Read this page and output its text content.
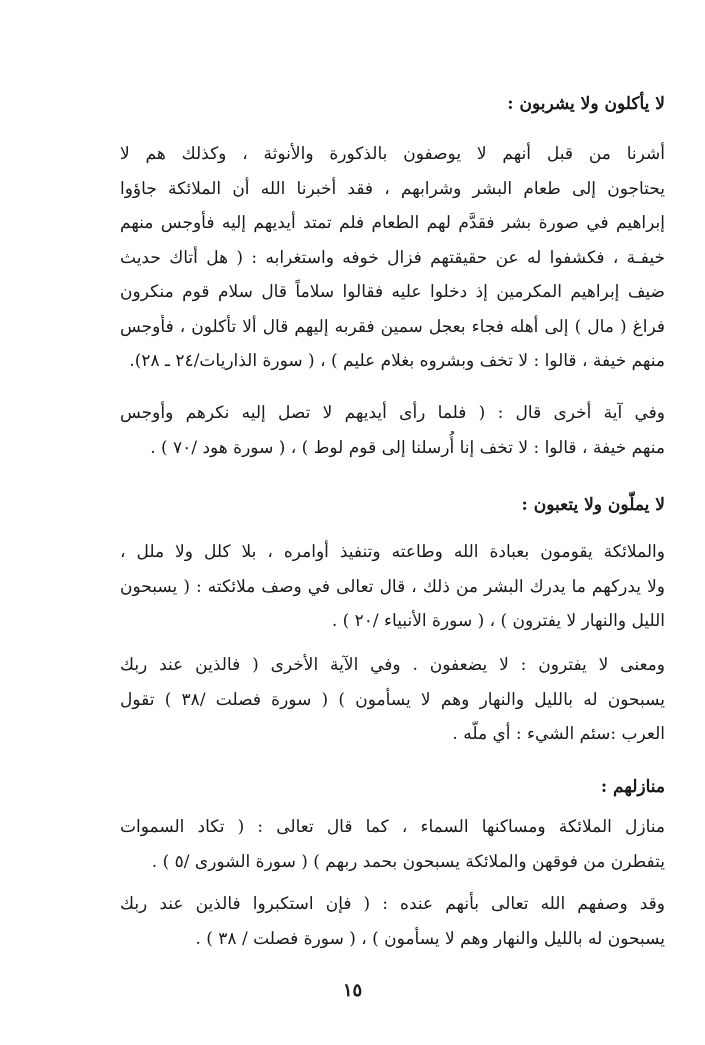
لا يأكلون ولا يشربون :
أشرنا من قبل أنهم لا يوصفون بالذكورة والأنوثة ، وكذلك هم لا
يحتاجون إلى طعام البشر وشرابهم ، فقد أخبرنا الله أن الملائكة جاؤوا
إبراهيم في صورة بشر فقدَّم لهم الطعام فلم تمتد أيديهم إليه فأوجس منهم
خيفـة ، فكشفوا له عن حقيقتهم فزال خوفه واستغرابه : ( هل أتاك حديث
ضيف إبراهيم المكرمين إذ دخلوا عليه فقالوا سلاماً قال سلام قوم منكرون
فراغ ( مال ) إلى أهله فجاء بعجل سمين فقربه إليهم قال ألا تأكلون ، فأوجس
منهم خيفة ، قالوا : لا تخف وبشروه بغلام عليم ) ، ( سورة الذاريات/٢٤ ـ ٢٨).
وفي آية أخرى قال : ( فلما رأى أيديهم لا تصل إليه نكرهم وأوجس
منهم خيفة ، قالوا : لا تخف إنا أُرسلنا إلى قوم لوط ) ، ( سورة هود /٧٠ ) .
لا يملّون ولا يتعبون :
والملائكة يقومون بعبادة الله وطاعته وتنفيذ أوامره ، بلا كلل ولا ملل ،
ولا يدركهم ما يدرك البشر من ذلك ، قال تعالى في وصف ملائكته : ( يسبحون
الليل والنهار لا يفترون ) ، ( سورة الأنبياء /٢٠ ) .
ومعنى لا يفترون : لا يضعفون . وفي الآية الأخرى ( فالذين عند ربك
يسبحون له بالليل والنهار وهم لا يسأمون ) ( سورة فصلت /٣٨ ) تقول
العرب :سئم الشيء : أي ملّه .
منازلهم :
منازل الملائكة ومساكنها السماء ، كما قال تعالى : ( تكاد السموات
يتفطرن من فوقهن والملائكة يسبحون بحمد ربهم ) ( سورة الشورى /٥ ) .
وقد وصفهم الله تعالى بأنهم عنده : ( فإن استكبروا فالذين عند ربك
يسبحون له بالليل والنهار وهم لا يسأمون ) ، ( سورة فصلت / ٣٨ ) .
١٥
